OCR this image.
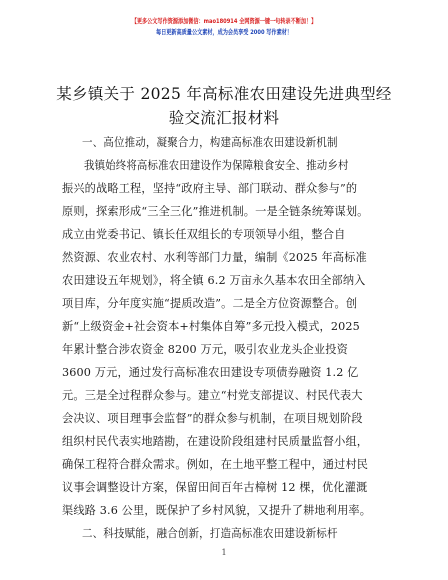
【更多公文写作资源添加微信：mao180914 全网资源一键一句转录不断加！】
每日更新高质量公文素材，成为会员享受 2000 写作素材！
某乡镇关于 2025 年高标准农田建设先进典型经
验交流汇报材料
一、高位推动，凝聚合力，构建高标准农田建设新机制
我镇始终将高标准农田建设作为保障粮食安全、推动乡村
振兴的战略工程，坚持“政府主导、部门联动、群众参与”的
原则，探索形成“三全三化”推进机制。一是全链条统筹谋划。
成立由党委书记、镇长任双组长的专项领导小组，整合自
然资源、农业农村、水利等部门力量，编制《2025 年高标准
农田建设五年规划》，将全镇 6.2 万亩永久基本农田全部纳入
项目库，分年度实施“提质改造”。二是全方位资源整合。创
新“上级资金+社会资本+村集体自筹”多元投入模式，2025
年累计整合涉农资金 8200 万元，吸引农业龙头企业投资
3600 万元，通过发行高标准农田建设专项债券融资 1.2 亿
元。三是全过程群众参与。建立“村党支部提议、村民代表大
会决议、项目理事会监督”的群众参与机制，在项目规划阶段
组织村民代表实地踏勘，在建设阶段组建村民质量监督小组，
确保工程符合群众需求。例如，在土地平整工程中，通过村民
议事会调整设计方案，保留田间百年古樟树 12 棵，优化灌溉
渠线路 3.6 公里，既保护了乡村风貌，又提升了耕地利用率。
二、科技赋能，融合创新，打造高标准农田建设新标杆
1
